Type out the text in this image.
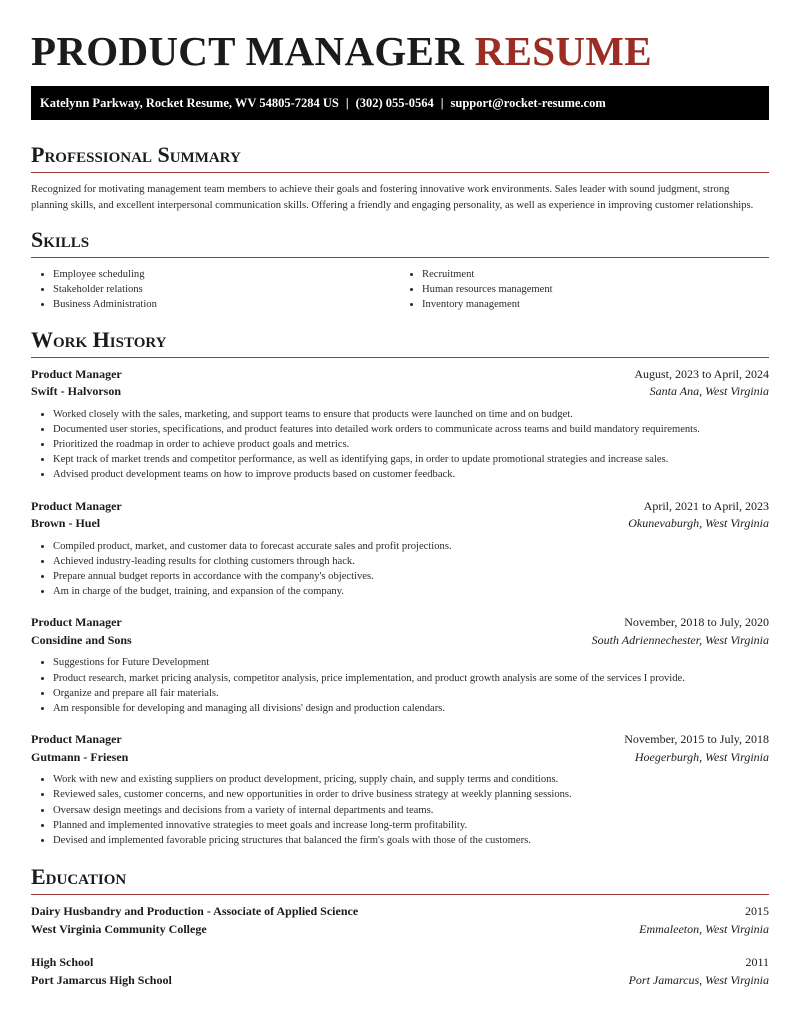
PRODUCT MANAGER RESUME
Katelynn Parkway, Rocket Resume, WV 54805-7284 US | (302) 055-0564 | support@rocket-resume.com
Professional Summary

Recognized for motivating management team members to achieve their goals and fostering innovative work environments. Sales leader with sound judgment, strong planning skills, and excellent interpersonal communication skills. Offering a friendly and engaging personality, as well as experience in improving customer relationships.

Skills
• Employee scheduling
• Stakeholder relations
• Business Administration
• Recruitment
• Human resources management
• Inventory management
Work History
Product Manager	August, 2023 to April, 2024
Swift - Halvorson	Santa Ana, West Virginia
• Worked closely with the sales, marketing, and support teams to ensure that products were launched on time and on budget.
• Documented user stories, specifications, and product features into detailed work orders to communicate across teams and build mandatory requirements.
• Prioritized the roadmap in order to achieve product goals and metrics.
• Kept track of market trends and competitor performance, as well as identifying gaps, in order to update promotional strategies and increase sales.
• Advised product development teams on how to improve products based on customer feedback.
Product Manager	April, 2021 to April, 2023
Brown - Huel	Okunevaburgh, West Virginia
• Compiled product, market, and customer data to forecast accurate sales and profit projections.
• Achieved industry-leading results for clothing customers through hack.
• Prepare annual budget reports in accordance with the company's objectives.
• Am in charge of the budget, training, and expansion of the company.
Product Manager	November, 2018 to July, 2020
Considine and Sons	South Adriennechester, West Virginia
• Suggestions for Future Development
• Product research, market pricing analysis, competitor analysis, price implementation, and product growth analysis are some of the services I provide.
• Organize and prepare all fair materials.
• Am responsible for developing and managing all divisions' design and production calendars.
Product Manager	November, 2015 to July, 2018
Gutmann - Friesen	Hoegerburgh, West Virginia
• Work with new and existing suppliers on product development, pricing, supply chain, and supply terms and conditions.
• Reviewed sales, customer concerns, and new opportunities in order to drive business strategy at weekly planning sessions.
• Oversaw design meetings and decisions from a variety of internal departments and teams.
• Planned and implemented innovative strategies to meet goals and increase long-term profitability.
• Devised and implemented favorable pricing structures that balanced the firm's goals with those of the customers.
Education
Dairy Husbandry and Production - Associate of Applied Science	2015
West Virginia Community College	Emmaleeton, West Virginia
High School	2011
Port Jamarcus High School	Port Jamarcus, West Virginia
